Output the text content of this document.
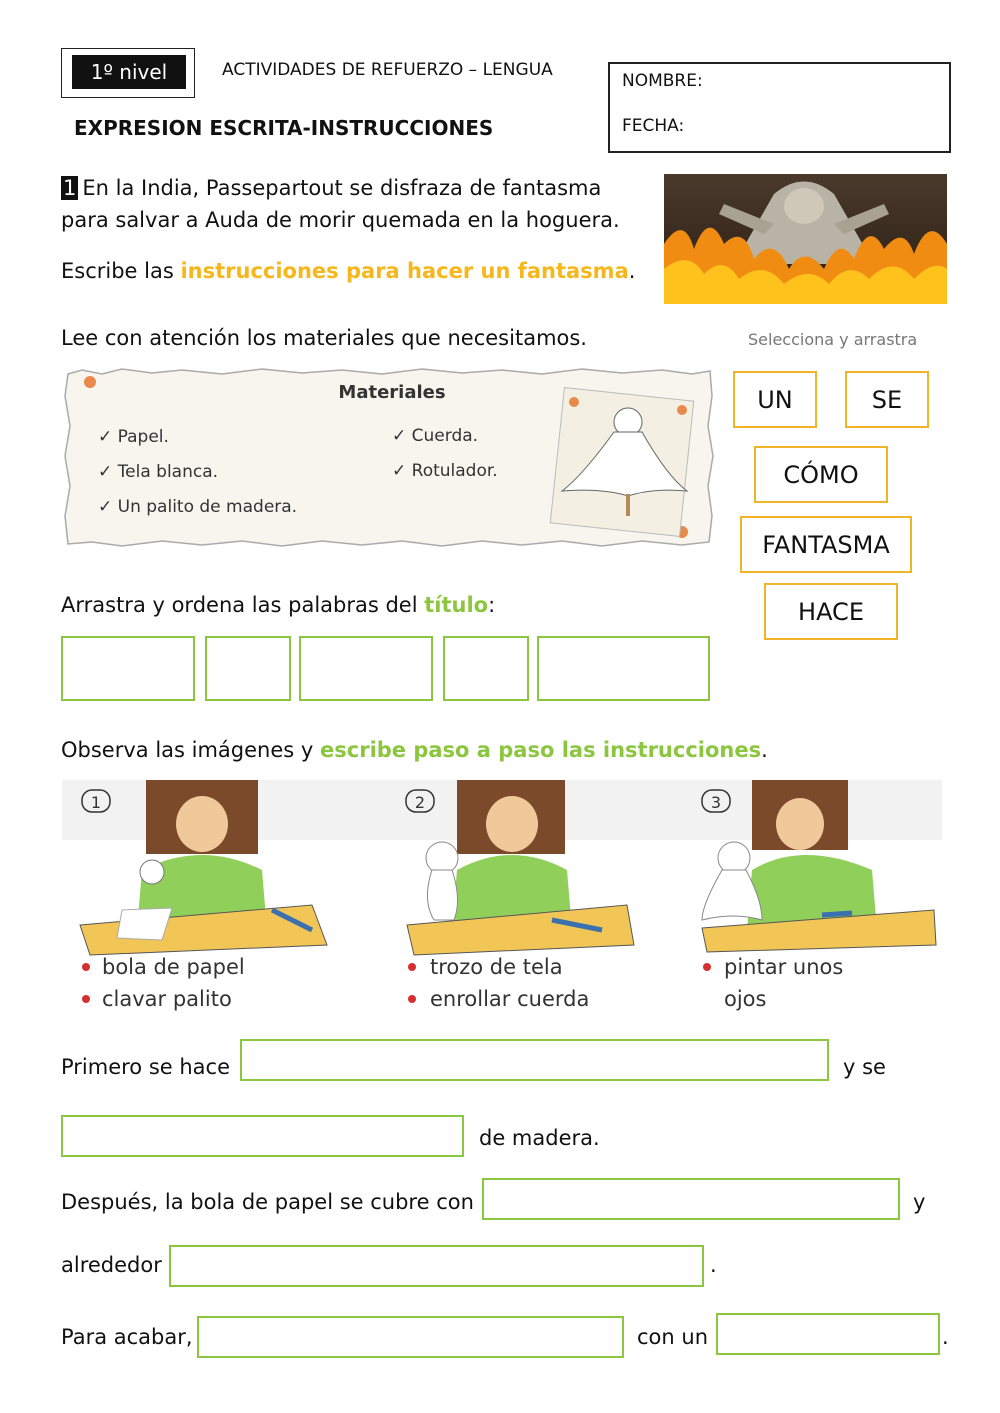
1º nivel	ACTIVIDADES DE REFUERZO – LENGUA
EXPRESION ESCRITA-INSTRUCCIONES
NOMBRE:
FECHA:
1 En la India, Passepartout se disfraza de fantasma
para salvar a Auda de morir quemada en la hoguera.
Escribe las instrucciones para hacer un fantasma.
Lee con atención los materiales que necesitamos.	Selecciona y arrastra
Materiales
✓ Papel.
✓ Tela blanca.
✓ Un palito de madera.
✓ Cuerda.
✓ Rotulador.
UN	SE
CÓMO
FANTASMA
HACE
Arrastra y ordena las palabras del título:
Observa las imágenes y escribe paso a paso las instrucciones.
1
bola de papel
clavar palito
2
trozo de tela
enrollar cuerda
3
pintar unos
ojos
Primero se hace	y se
de madera.
Después, la bola de papel se cubre con	y
alrededor	.
Para acabar,	con un	.
